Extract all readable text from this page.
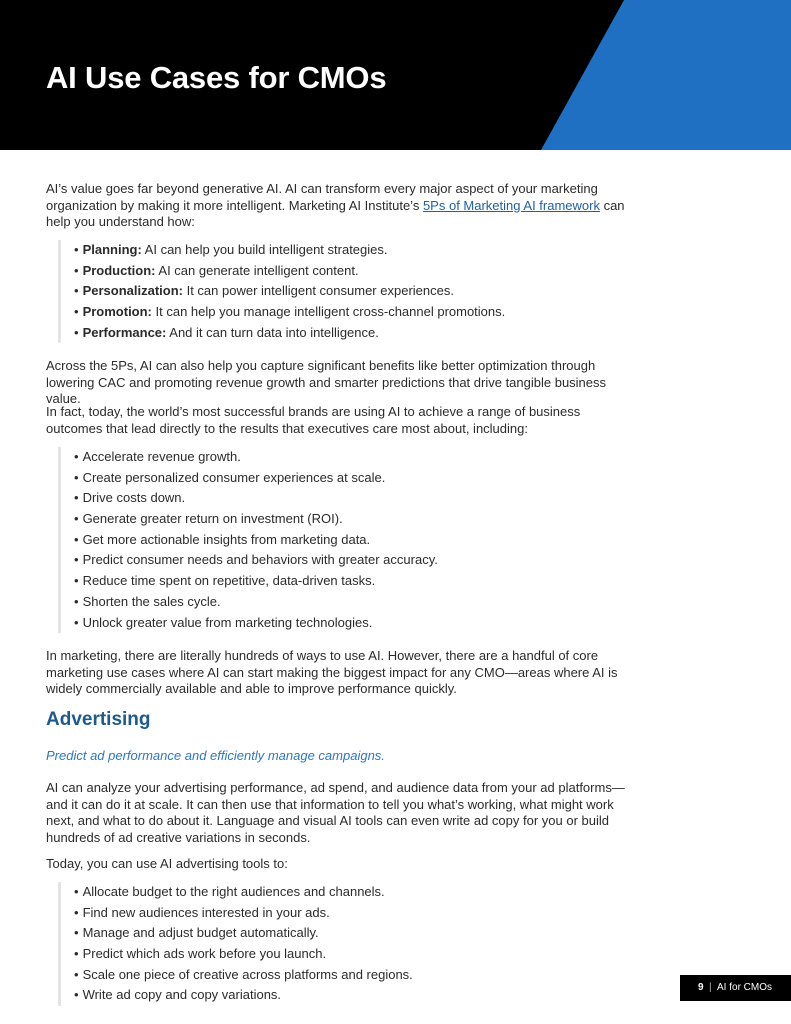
AI Use Cases for CMOs

AI’s value goes far beyond generative AI. AI can transform every major aspect of your marketing organization by making it more intelligent. Marketing AI Institute’s 5Ps of Marketing AI framework can help you understand how:

• Planning: AI can help you build intelligent strategies.
• Production: AI can generate intelligent content.
• Personalization: It can power intelligent consumer experiences.
• Promotion: It can help you manage intelligent cross-channel promotions.
• Performance: And it can turn data into intelligence.

Across the 5Ps, AI can also help you capture significant benefits like better optimization through lowering CAC and promoting revenue growth and smarter predictions that drive tangible business value.

In fact, today, the world’s most successful brands are using AI to achieve a range of business outcomes that lead directly to the results that executives care most about, including:

• Accelerate revenue growth.
• Create personalized consumer experiences at scale.
• Drive costs down.
• Generate greater return on investment (ROI).
• Get more actionable insights from marketing data.
• Predict consumer needs and behaviors with greater accuracy.
• Reduce time spent on repetitive, data-driven tasks.
• Shorten the sales cycle.
• Unlock greater value from marketing technologies.

In marketing, there are literally hundreds of ways to use AI. However, there are a handful of core marketing use cases where AI can start making the biggest impact for any CMO—areas where AI is widely commercially available and able to improve performance quickly.

Advertising

Predict ad performance and efficiently manage campaigns.

AI can analyze your advertising performance, ad spend, and audience data from your ad platforms—and it can do it at scale. It can then use that information to tell you what’s working, what might work next, and what to do about it. Language and visual AI tools can even write ad copy for you or build hundreds of ad creative variations in seconds.

Today, you can use AI advertising tools to:

• Allocate budget to the right audiences and channels.
• Find new audiences interested in your ads.
• Manage and adjust budget automatically.
• Predict which ads work before you launch.
• Scale one piece of creative across platforms and regions.
• Write ad copy and copy variations.	9 | AI for CMOs
